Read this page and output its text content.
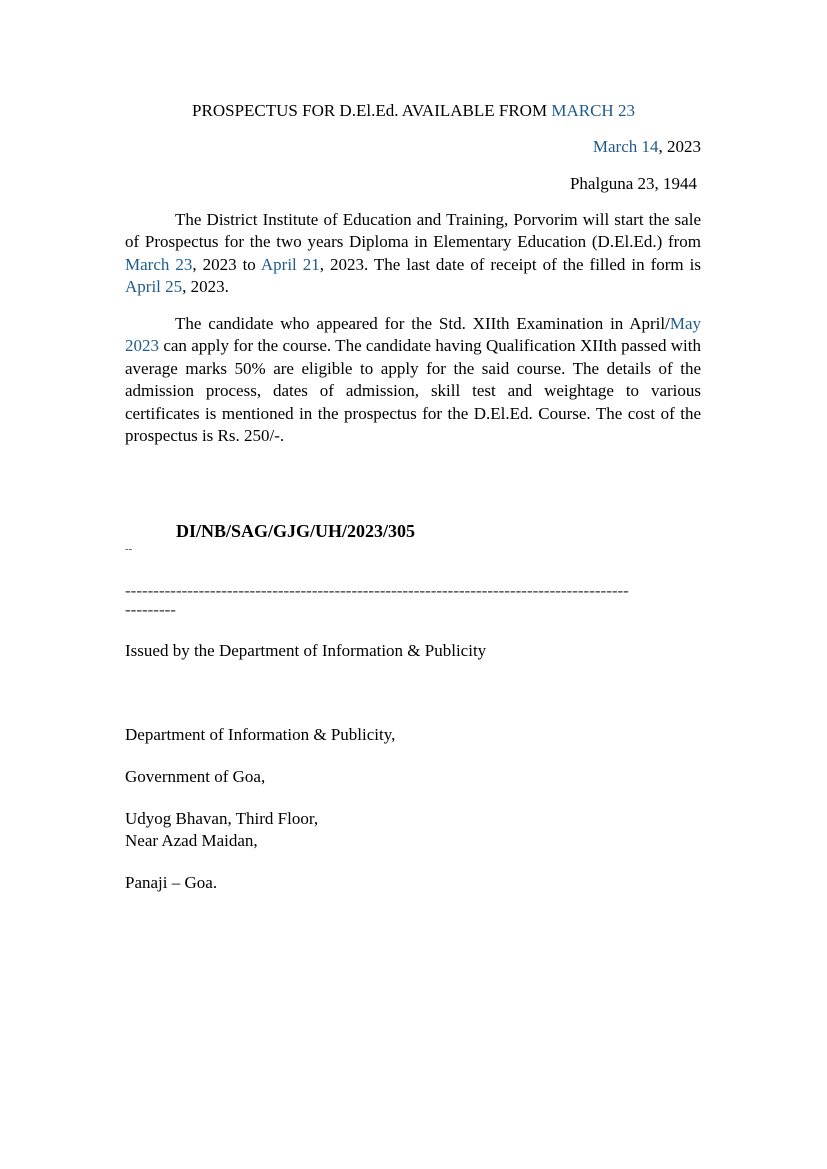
PROSPECTUS FOR D.El.Ed. AVAILABLE FROM MARCH 23
March 14, 2023
Phalguna 23, 1944
The District Institute of Education and Training, Porvorim will start the sale of Prospectus for the two years Diploma in Elementary Education (D.El.Ed.) from March 23, 2023 to April 21, 2023. The last date of receipt of the filled in form is April 25, 2023.
The candidate who appeared for the Std. XIIth Examination in April/May 2023 can apply for the course. The candidate having Qualification XIIth passed with average marks 50% are eligible to apply for the said course. The details of the admission process, dates of admission, skill test and weightage to various certificates is mentioned in the prospectus for the D.El.Ed. Course. The cost of the prospectus is Rs. 250/-.
DI/NB/SAG/GJG/UH/2023/305
--
-----------------------------------------------------------------------------------------
---------
Issued by the Department of Information & Publicity
Department of Information & Publicity,
Government of Goa,
Udyog Bhavan, Third Floor,
Near Azad Maidan,
Panaji – Goa.
